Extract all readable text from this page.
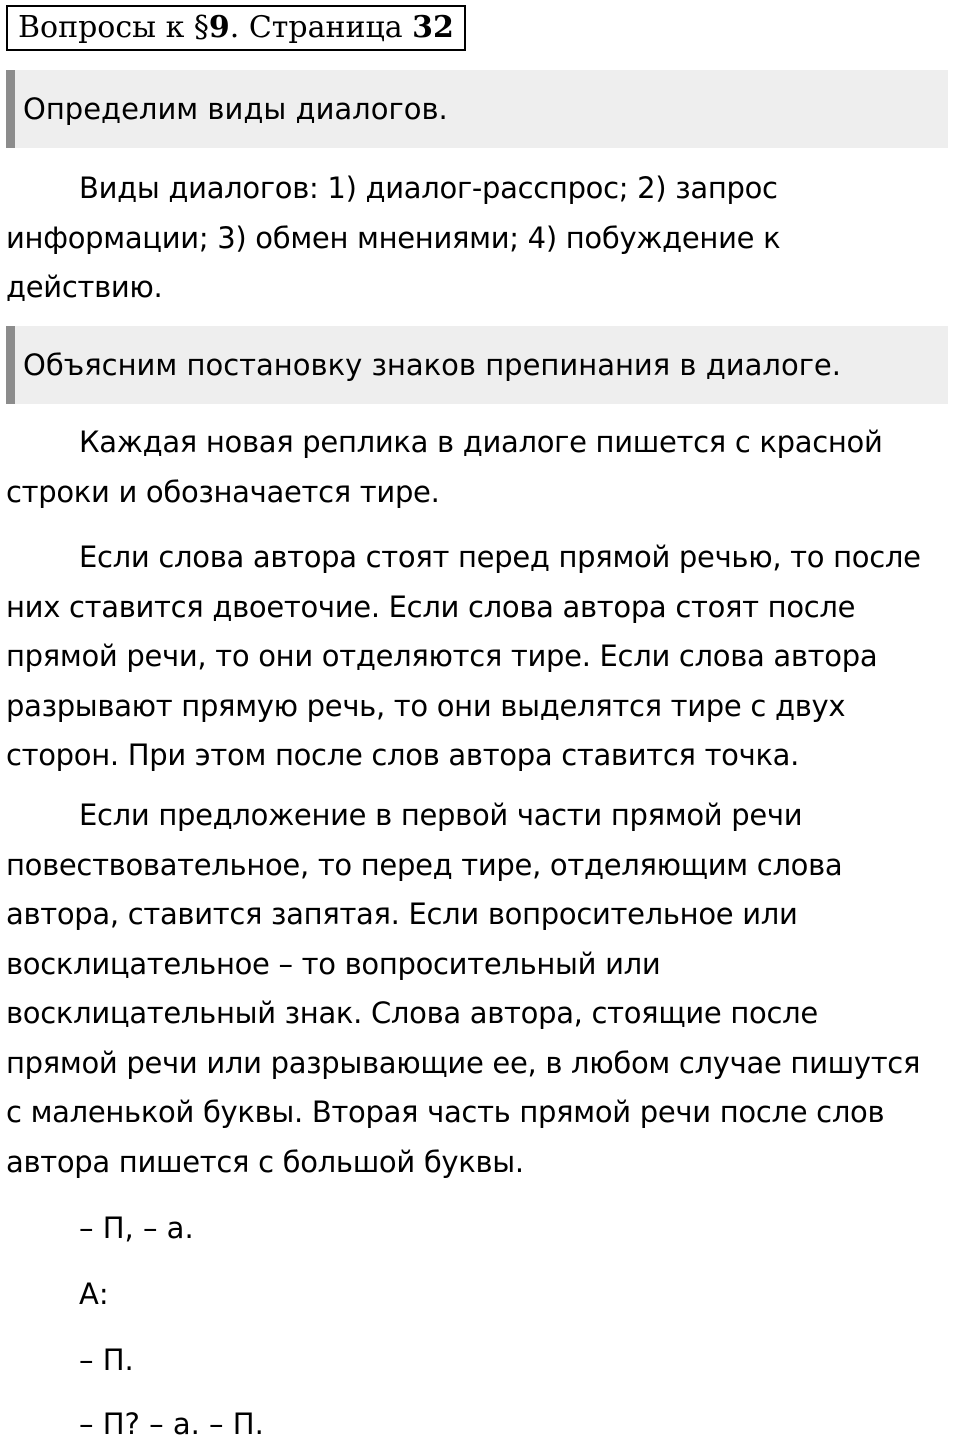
Вопросы к §9. Страница 32
Определим виды диалогов.

Виды диалогов: 1) диалог-расспрос; 2) запрос
информации; 3) обмен мнениями; 4) побуждение к
действию.

Объясним постановку знаков препинания в диалоге.

Каждая новая реплика в диалоге пишется с красной
строки и обозначается тире.

Если слова автора стоят перед прямой речью, то после
них ставится двоеточие. Если слова автора стоят после
прямой речи, то они отделяются тире. Если слова автора
разрывают прямую речь, то они выделятся тире с двух
сторон. При этом после слов автора ставится точка.

Если предложение в первой части прямой речи
повествовательное, то перед тире, отделяющим слова
автора, ставится запятая. Если вопросительное или
восклицательное – то вопросительный или
восклицательный знак. Слова автора, стоящие после
прямой речи или разрывающие ее, в любом случае пишутся
с маленькой буквы. Вторая часть прямой речи после слов
автора пишется с большой буквы.

– П, – а.
А:
– П.
– П? – а. – П.
